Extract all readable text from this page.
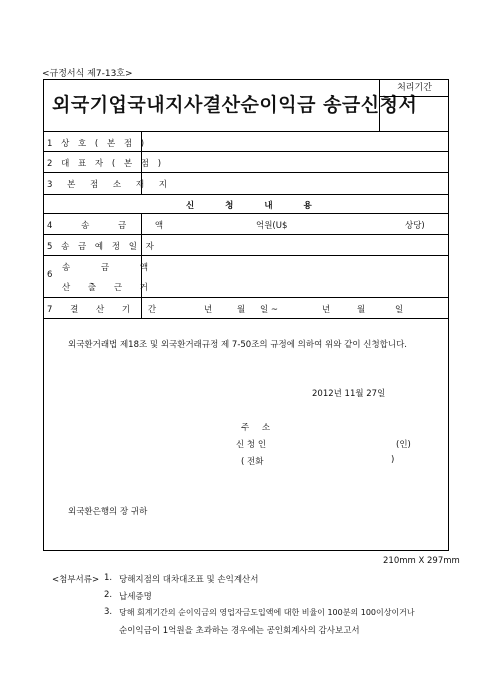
<규정서식 제7-13호>
외국기업국내지사결산순이익금 송금신청서
처리기간
1 상 호 ( 본 점 )
2 대 표 자 ( 본 점 )
3 본 점 소 재 지
신 청 내 용
4 송 금 액	억원(U$	상당)
5 송 금 예 정 일 자
6
송 금 액
산 출 근 거
7 결 산 기 간	년	월 일 ~	년	월	일
외국환거래법 제18조 및 외국환거래규정 제 7-50조의 규정에 의하여 위와 같이 신청합니다.
2012년 11월 27일
주 소
신 청 인	(인)
( 전화	)
외국환은행의 장 귀하
210mm X 297mm
<첨부서류> 1. 당해지점의 대차대조표 및 손익계산서
2. 납세증명
3. 당해 회계기간의 순이익금의 영업자금도입액에 대한 비율이 100분의 100이상이거나
순이익금이 1억원을 초과하는 경우에는 공인회계사의 감사보고서
